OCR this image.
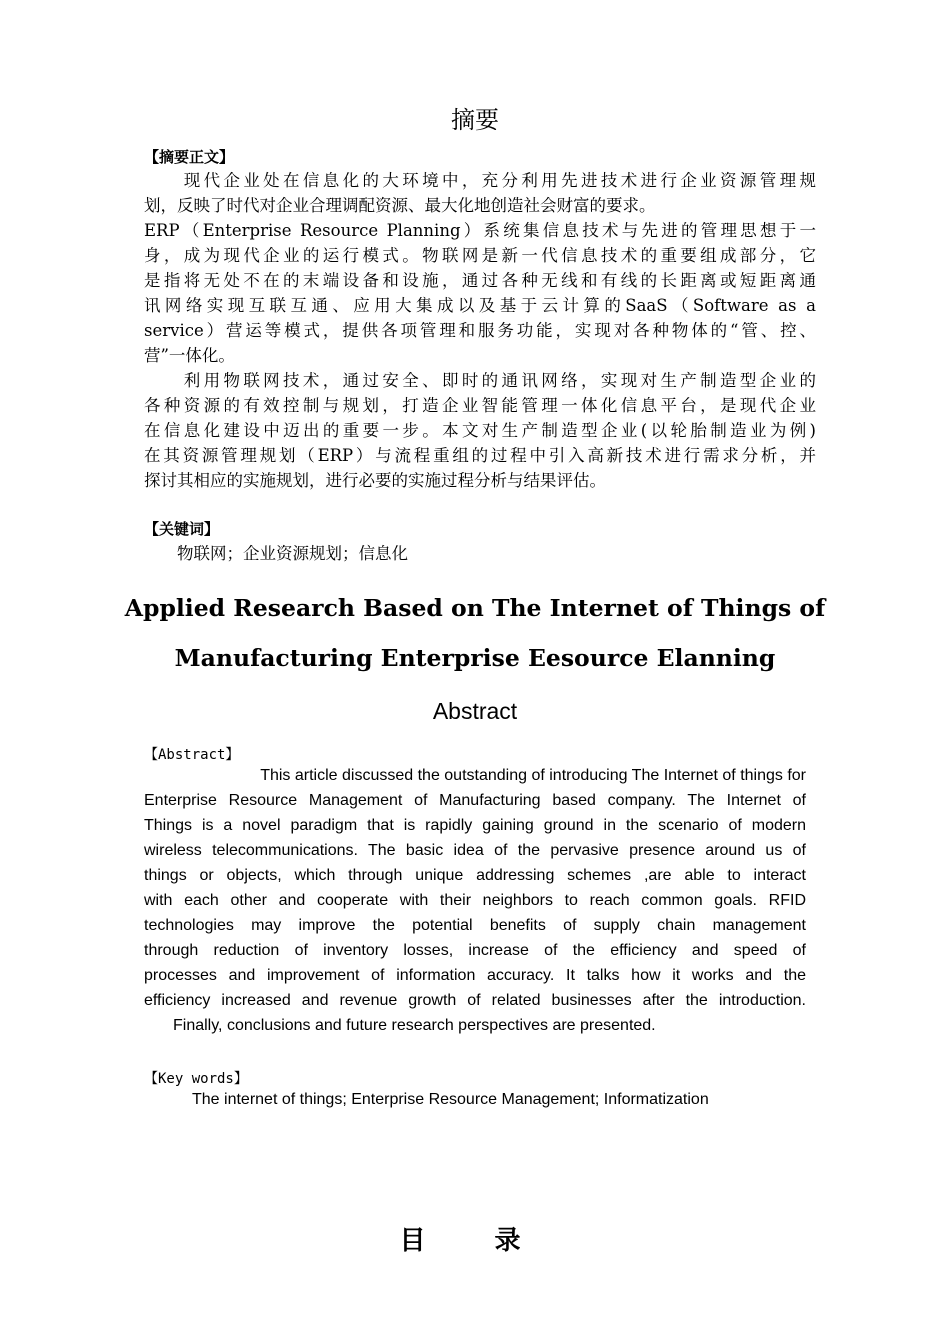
摘要
【摘要正文】
　　现代企业处在信息化的大环境中，充分利用先进技术进行企业资源管理规
划，反映了时代对企业合理调配资源、最大化地创造社会财富的要求。
ERP（Enterprise Resource Planning）系统集信息技术与先进的管理思想于一
身，成为现代企业的运行模式。物联网是新一代信息技术的重要组成部分，它
是指将无处不在的末端设备和设施，通过各种无线和有线的长距离或短距离通
讯网络实现互联互通、应用大集成以及基于云计算的SaaS（Software as a
service）营运等模式，提供各项管理和服务功能，实现对各种物体的“管、控、
营”一体化。
　　利用物联网技术，通过安全、即时的通讯网络，实现对生产制造型企业的
各种资源的有效控制与规划，打造企业智能管理一体化信息平台，是现代企业
在信息化建设中迈出的重要一步。本文对生产制造型企业(以轮胎制造业为例)
在其资源管理规划（ERP）与流程重组的过程中引入高新技术进行需求分析，并
探讨其相应的实施规划，进行必要的实施过程分析与结果评估。
【关键词】
　　物联网；企业资源规划；信息化
Applied Research Based on The Internet of Things of
Manufacturing Enterprise Eesource Elanning
Abstract
【Abstract】
This article discussed the outstanding of introducing The Internet of things for
Enterprise Resource Management of Manufacturing based company. The Internet of
Things is a novel paradigm that is rapidly gaining ground in the scenario of modern
wireless telecommunications. The basic idea of the pervasive presence around us of
things or objects, which through unique addressing schemes ,are able to interact
with each other and cooperate with their neighbors to reach common goals. RFID
technologies may improve the potential benefits of supply chain management
through reduction of inventory losses, increase of the efficiency and speed of
processes and improvement of information accuracy. It talks how it works and the
efficiency increased and revenue growth of related businesses after the introduction.
Finally, conclusions and future research perspectives are presented.
【Key words】
The internet of things; Enterprise Resource Management; Informatization
目 录
